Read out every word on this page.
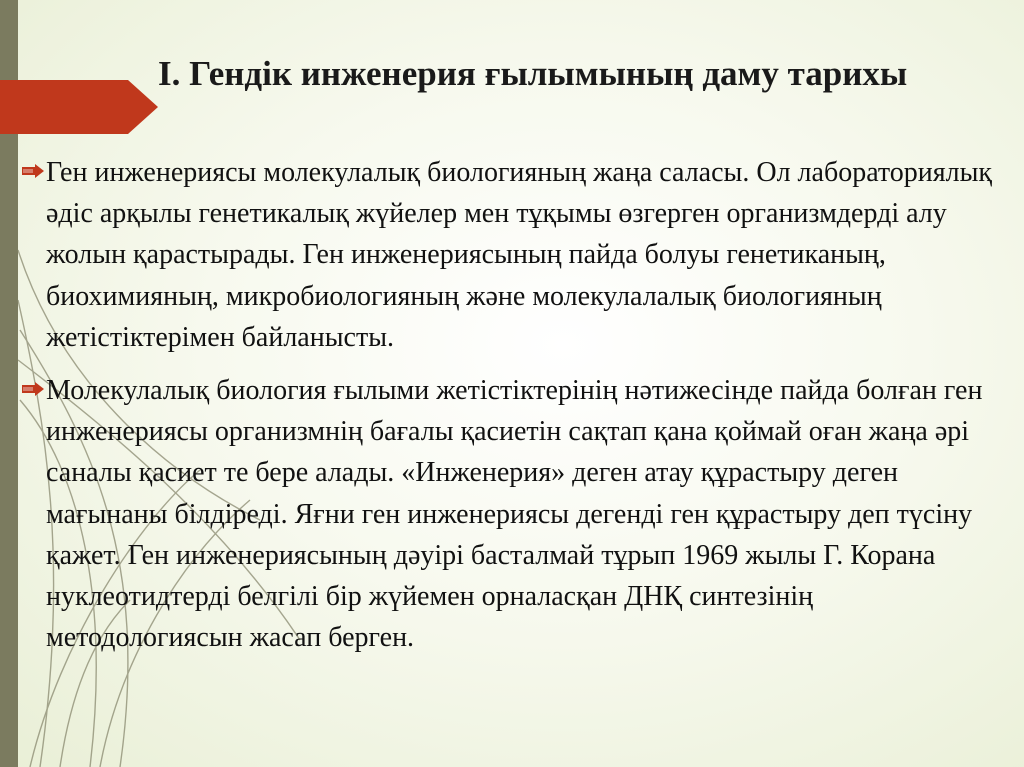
I. Гендік инженерия ғылымының даму тарихы
Ген инженериясы молекулалық биологияның жаңа саласы. Ол лабораториялық әдіс арқылы генетикалық жүйелер мен тұқымы өзгерген организмдерді алу жолын қарастырады. Ген инженериясының пайда болуы генетиканың, биохимияның, микробиологияның және молекулалалық биологияның жетістіктерімен байланысты.
Молекулалық биология ғылыми жетістіктерінің нәтижесінде пайда болған ген инженериясы организмнің бағалы қасиетін сақтап қана қоймай оған жаңа әрі саналы қасиет те бере алады. «Инженерия» деген атау құрастыру деген мағынаны білдіреді. Яғни ген инженериясы дегенді ген құрастыру деп түсіну қажет. Ген инженериясының дәуірі басталмай тұрып 1969 жылы Г. Корана нуклеотидтерді белгілі бір жүйемен орналасқан ДНҚ синтезінің методологиясын жасап берген.
